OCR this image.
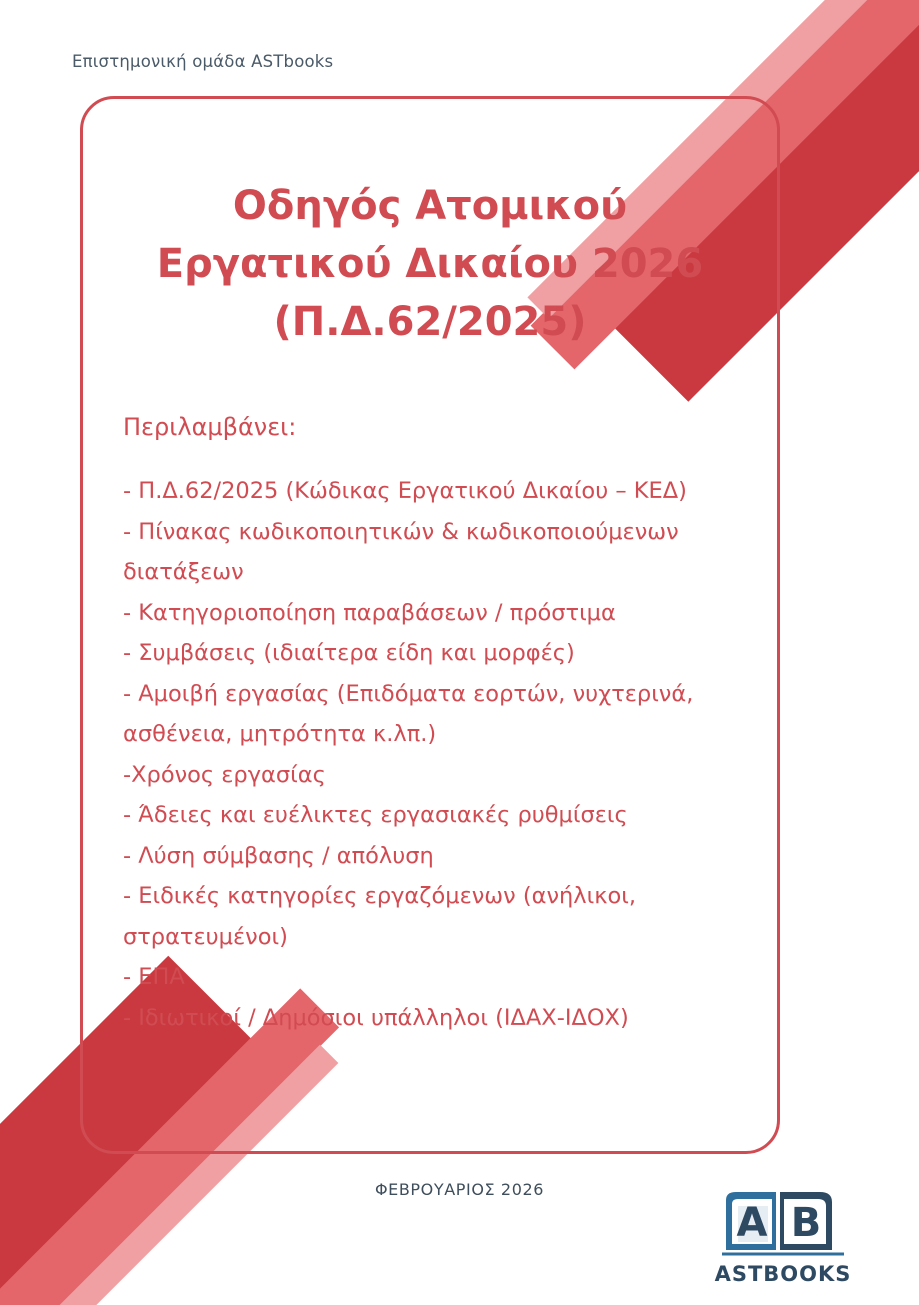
Επιστημονική ομάδα ASTbooks
Οδηγός Ατομικού
Εργατικού Δικαίου 2026
(Π.Δ.62/2025)
Περιλαμβάνει:
- Π.Δ.62/2025 (Κώδικας Εργατικού Δικαίου – ΚΕΔ)
- Πίνακας κωδικοποιητικών & κωδικοποιούμενων διατάξεων
- Κατηγοριοποίηση παραβάσεων / πρόστιμα
- Συμβάσεις (ιδιαίτερα είδη και μορφές)
- Αμοιβή εργασίας (Επιδόματα εορτών, νυχτερινά, ασθένεια, μητρότητα κ.λπ.)
-Χρόνος εργασίας
- Άδειες και ευέλικτες εργασιακές ρυθμίσεις
- Λύση σύμβασης / απόλυση
- Ειδικές κατηγορίες εργαζόμενων (ανήλικοι, στρατευμένοι)
- ΕΠΑ
- Ιδιωτικοί / Δημόσιοι υπάλληλοι (ΙΔΑΧ-ΙΔΟΧ)
ΦΕΒΡΟΥΑΡΙΟΣ 2026
A B
ASTBOOKS
